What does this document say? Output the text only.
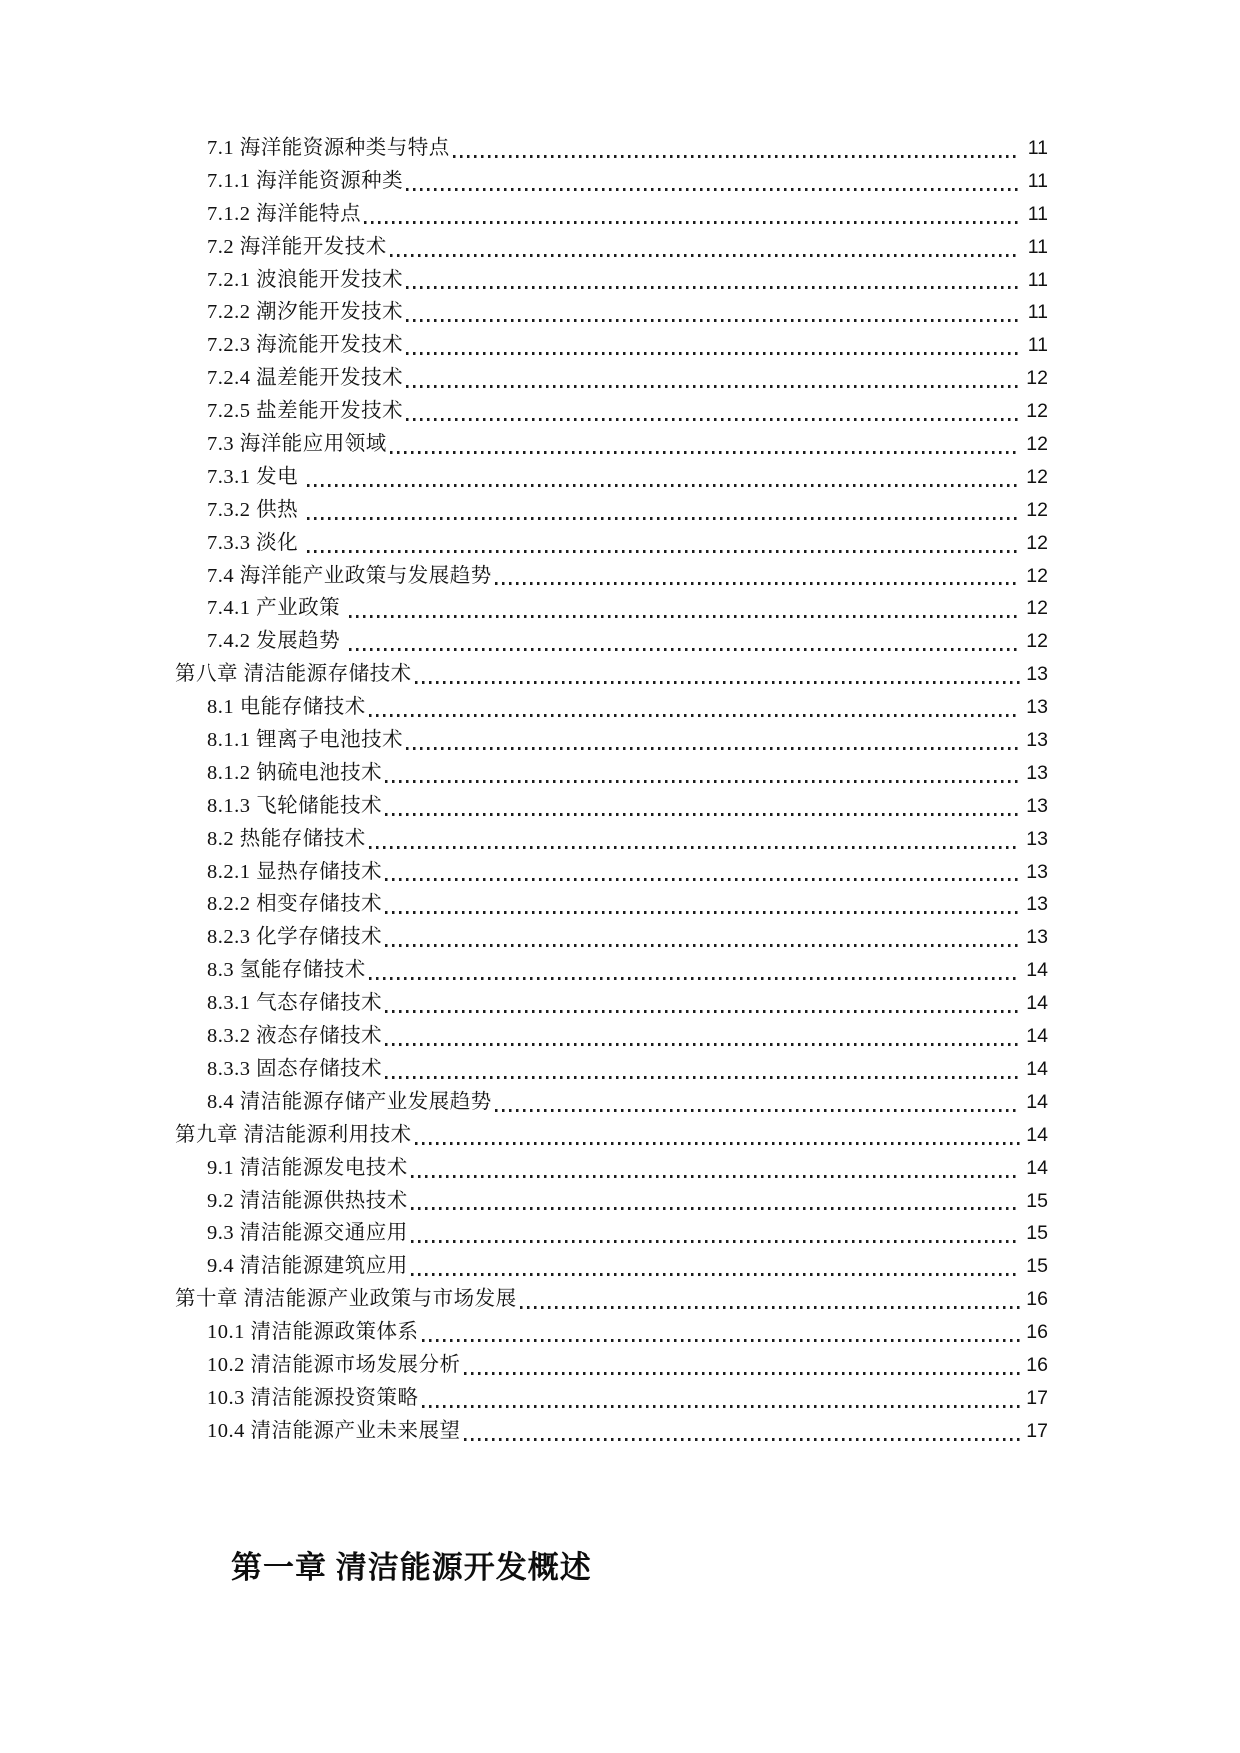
7.1 海洋能资源种类与特点	11
7.1.1 海洋能资源种类	11
7.1.2 海洋能特点	11
7.2 海洋能开发技术	11
7.2.1 波浪能开发技术	11
7.2.2 潮汐能开发技术	11
7.2.3 海流能开发技术	11
7.2.4 温差能开发技术	12
7.2.5 盐差能开发技术	12
7.3 海洋能应用领域	12
7.3.1 发电	12
7.3.2 供热	12
7.3.3 淡化	12
7.4 海洋能产业政策与发展趋势	12
7.4.1 产业政策	12
7.4.2 发展趋势	12
第八章 清洁能源存储技术	13
8.1 电能存储技术	13
8.1.1 锂离子电池技术	13
8.1.2 钠硫电池技术	13
8.1.3 飞轮储能技术	13
8.2 热能存储技术	13
8.2.1 显热存储技术	13
8.2.2 相变存储技术	13
8.2.3 化学存储技术	13
8.3 氢能存储技术	14
8.3.1 气态存储技术	14
8.3.2 液态存储技术	14
8.3.3 固态存储技术	14
8.4 清洁能源存储产业发展趋势	14
第九章 清洁能源利用技术	14
9.1 清洁能源发电技术	14
9.2 清洁能源供热技术	15
9.3 清洁能源交通应用	15
9.4 清洁能源建筑应用	15
第十章 清洁能源产业政策与市场发展	16
10.1 清洁能源政策体系	16
10.2 清洁能源市场发展分析	16
10.3 清洁能源投资策略	17
10.4 清洁能源产业未来展望	17
第一章 清洁能源开发概述
